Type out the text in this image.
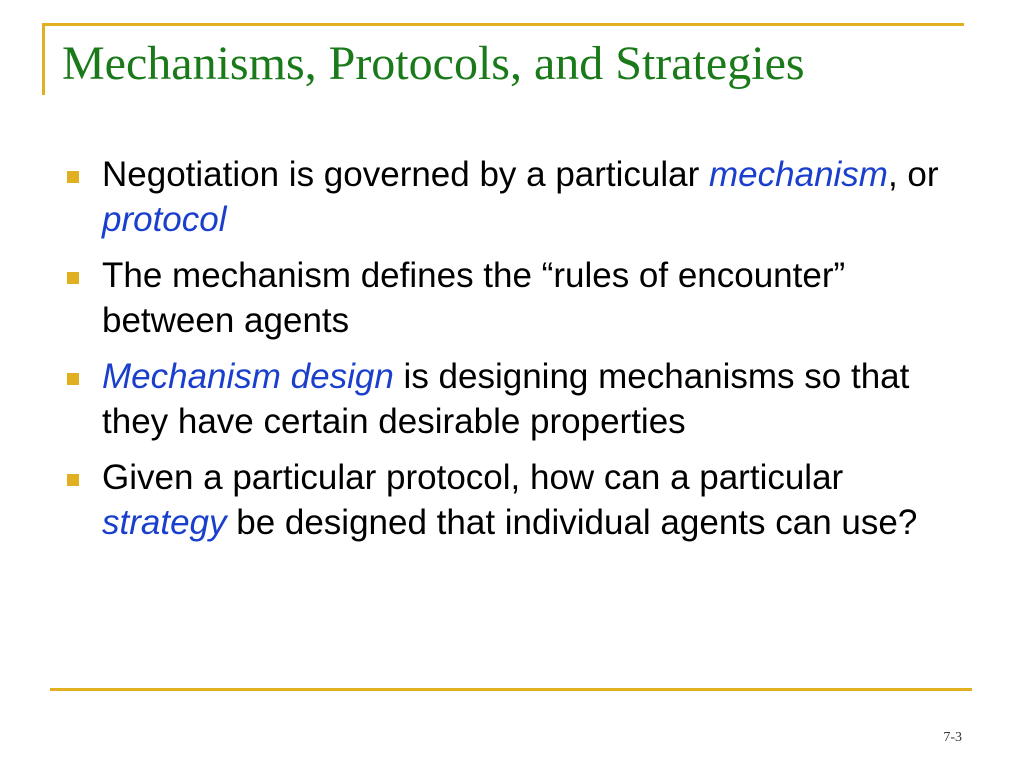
Mechanisms, Protocols, and Strategies
Negotiation is governed by a particular mechanism, or protocol
The mechanism defines the “rules of encounter” between agents
Mechanism design is designing mechanisms so that they have certain desirable properties
Given a particular protocol, how can a particular strategy be designed that individual agents can use?
7-3
